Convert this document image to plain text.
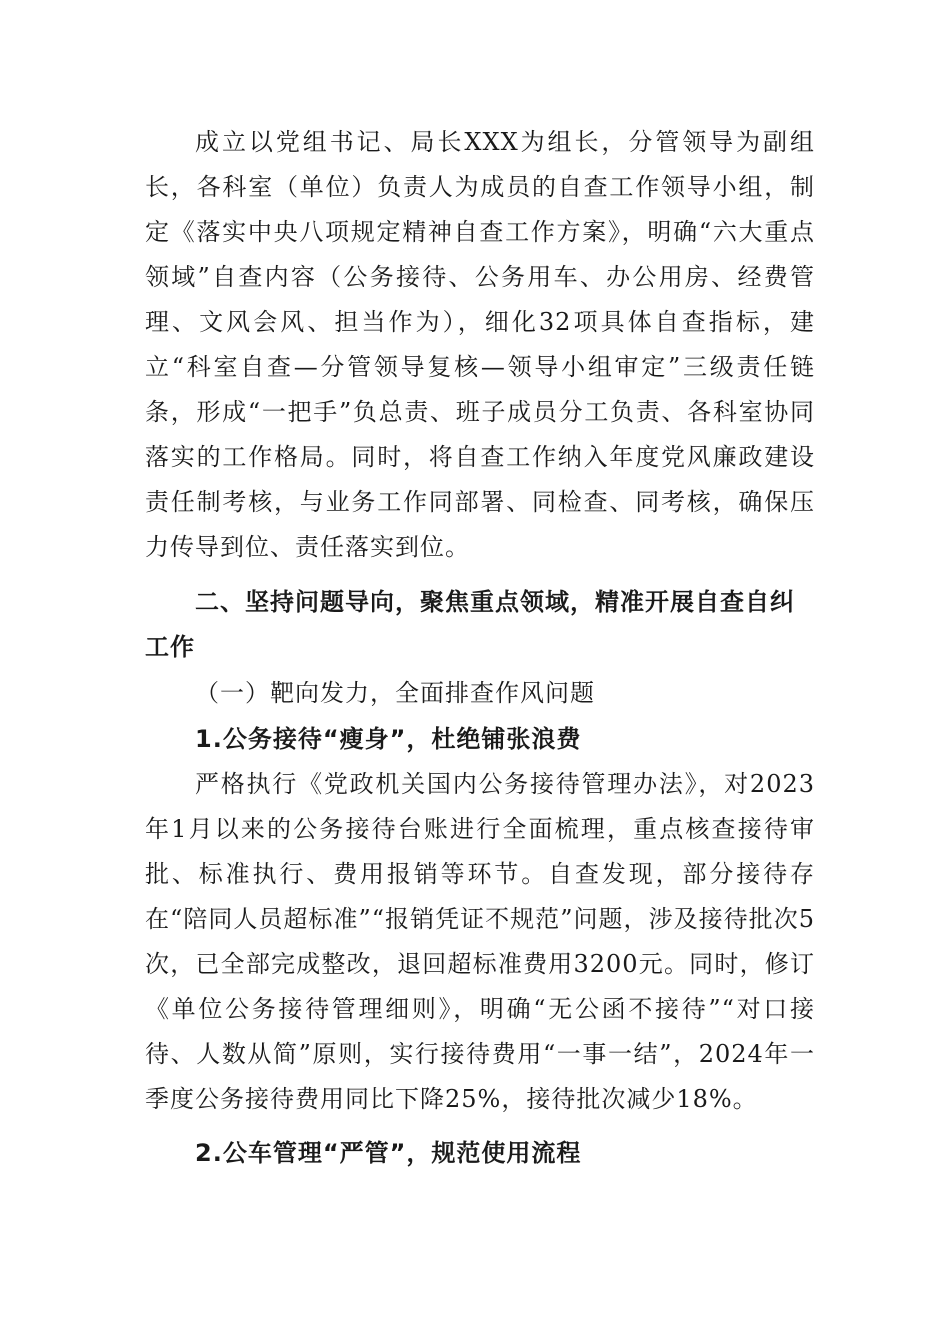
成立以党组书记、局长XXX为组长，分管领导为副组长，各科室（单位）负责人为成员的自查工作领导小组，制定《落实中央八项规定精神自查工作方案》，明确“六大重点领域”自查内容（公务接待、公务用车、办公用房、经费管理、文风会风、担当作为），细化32项具体自查指标，建立“科室自查—分管领导复核—领导小组审定”三级责任链条，形成“一把手”负总责、班子成员分工负责、各科室协同落实的工作格局。同时，将自查工作纳入年度党风廉政建设责任制考核，与业务工作同部署、同检查、同考核，确保压力传导到位、责任落实到位。

二、坚持问题导向，聚焦重点领域，精准开展自查自纠工作

（一）靶向发力，全面排查作风问题

1.公务接待“瘦身”，杜绝铺张浪费

严格执行《党政机关国内公务接待管理办法》，对2023年1月以来的公务接待台账进行全面梳理，重点核查接待审批、标准执行、费用报销等环节。自查发现，部分接待存在“陪同人员超标准”“报销凭证不规范”问题，涉及接待批次5次，已全部完成整改，退回超标准费用3200元。同时，修订《单位公务接待管理细则》，明确“无公函不接待”“对口接待、人数从简”原则，实行接待费用“一事一结”，2024年一季度公务接待费用同比下降25%，接待批次减少18%。

2.公车管理“严管”，规范使用流程
